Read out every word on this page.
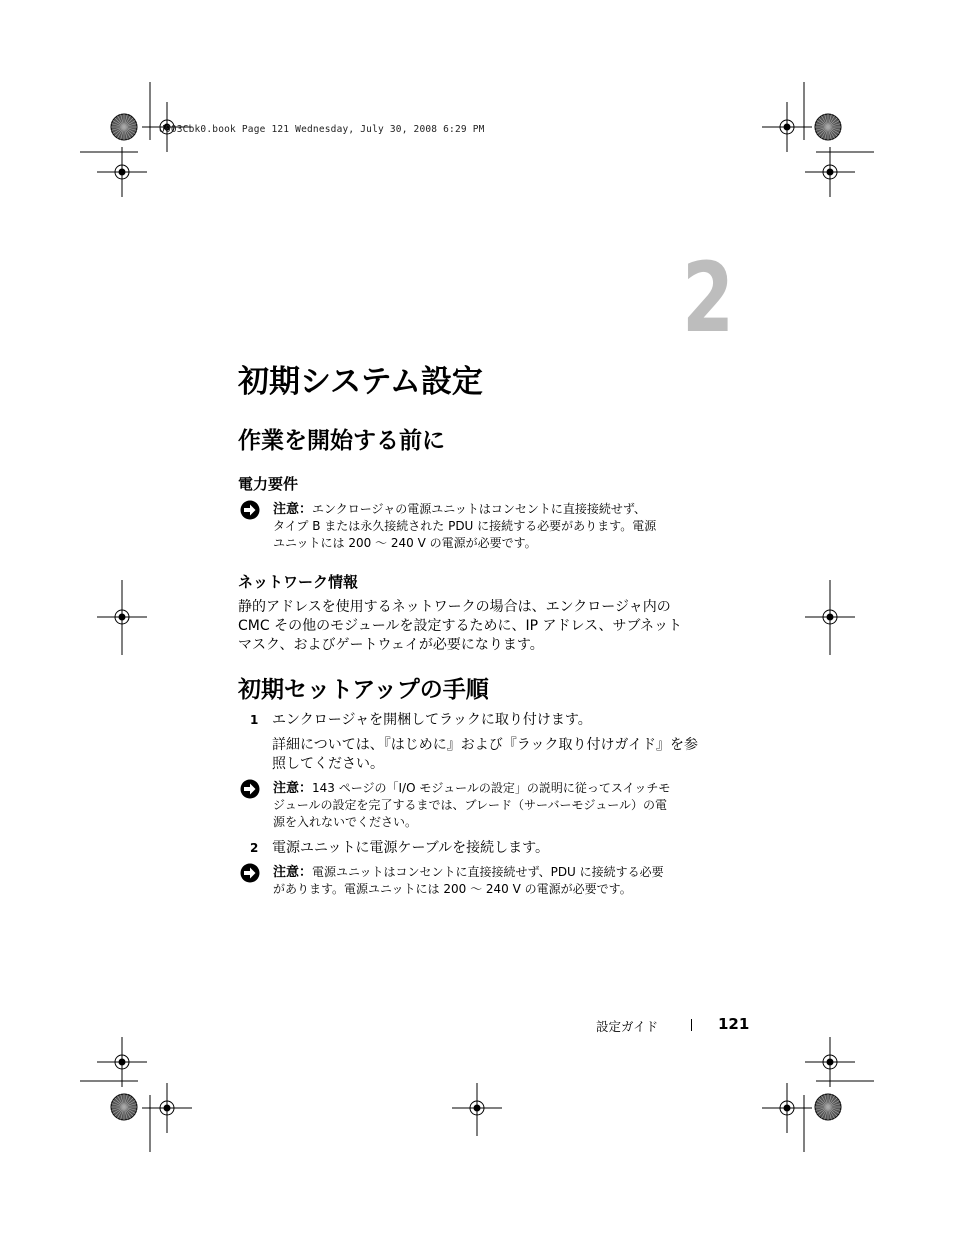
U003Cbk0.book Page 121 Wednesday, July 30, 2008 6:29 PM
2
初期システム設定
作業を開始する前に
電力要件
注意：エンクロージャの電源ユニットはコンセントに直接接続せず、
タイプ B または永久接続された PDU に接続する必要があります。電源
ユニットには 200 〜 240 V の電源が必要です。
ネットワーク情報
静的アドレスを使用するネットワークの場合は、エンクロージャ内の
CMC その他のモジュールを設定するために、IP アドレス、サブネット
マスク、およびゲートウェイが必要になります。
初期セットアップの手順
1 エンクロージャを開梱してラックに取り付けます。
詳細については、『はじめに』および『ラック取り付けガイド』を参
照してください。
注意：143 ページの「I/O モジュールの設定」の説明に従ってスイッチモ
ジュールの設定を完了するまでは、ブレード（サーバーモジュール）の電
源を入れないでください。
2 電源ユニットに電源ケーブルを接続します。
注意：電源ユニットはコンセントに直接接続せず、PDU に接続する必要
があります。電源ユニットには 200 〜 240 V の電源が必要です。
設定ガイド	121
